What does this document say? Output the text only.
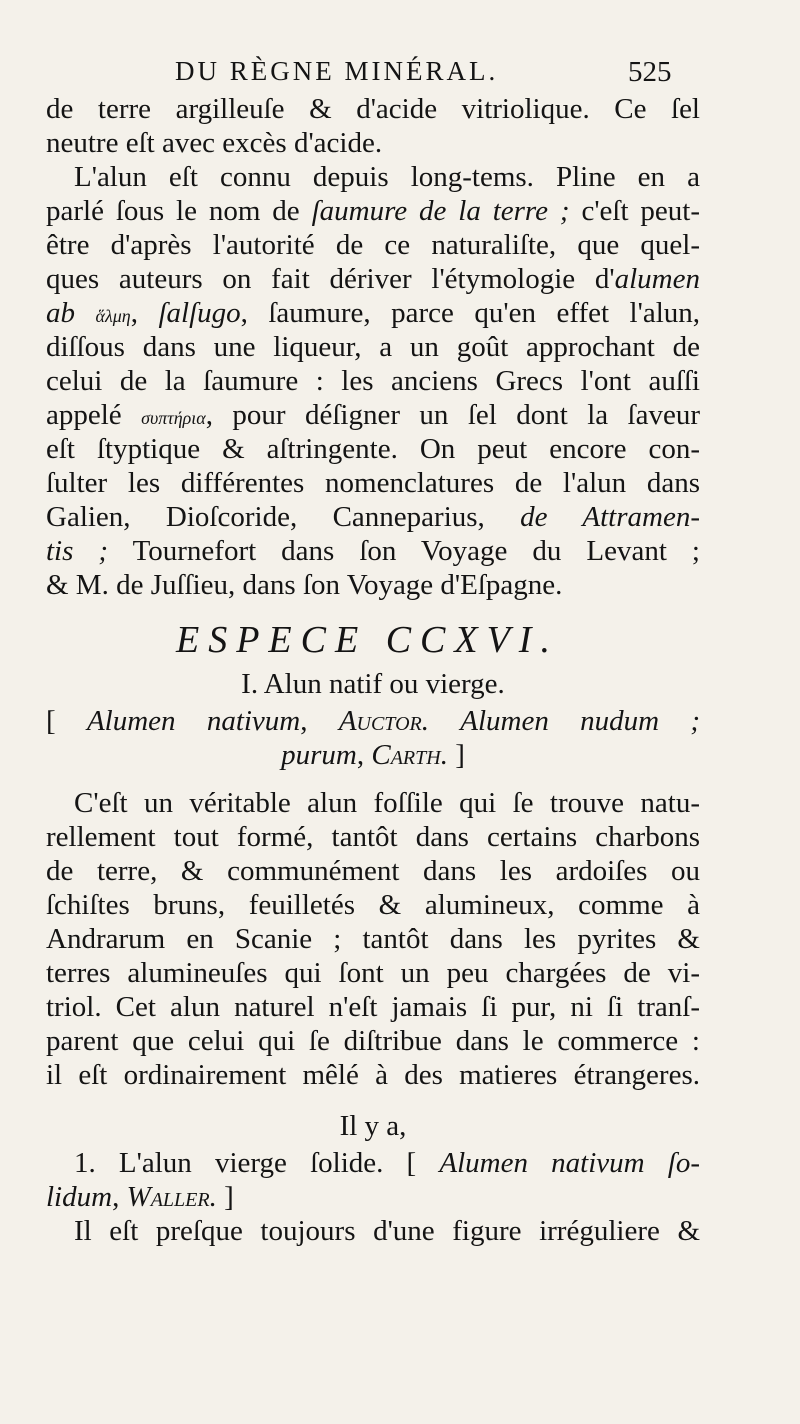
DU RÈGNE MINÉRAL.	525
de terre argilleuſe & d'acide vitriolique. Ce ſel
neutre eſt avec excès d'acide.
L'alun eſt connu depuis long-tems. Pline en a
parlé ſous le nom de ſaumure de la terre ; c'eſt peut-
être d'après l'autorité de ce naturaliſte, que quel-
ques auteurs on fait dériver l'étymologie d'alumen
ab ἅλμη, ſalſugo, ſaumure, parce qu'en effet l'alun,
diſſous dans une liqueur, a un goût approchant de
celui de la ſaumure : les anciens Grecs l'ont auſſi
appelé συπτήρια, pour déſigner un ſel dont la ſaveur
eſt ſtyptique & aſtringente. On peut encore con-
ſulter les différentes nomenclatures de l'alun dans
Galien, Dioſcoride, Canneparius, de Attramen-
tis ; Tournefort dans ſon Voyage du Levant ;
& M. de Juſſieu, dans ſon Voyage d'Eſpagne.
ESPECE CCXVI.
I. Alun natif ou vierge.
[ Alumen nativum, Auctor. Alumen nudum ;
purum, Carth. ]
C'eſt un véritable alun foſſile qui ſe trouve natu-
rellement tout formé, tantôt dans certains charbons
de terre, & communément dans les ardoiſes ou
ſchiſtes bruns, feuilletés & alumineux, comme à
Andrarum en Scanie ; tantôt dans les pyrites &
terres alumineuſes qui ſont un peu chargées de vi-
triol. Cet alun naturel n'eſt jamais ſi pur, ni ſi tranſ-
parent que celui qui ſe diſtribue dans le commerce :
il eſt ordinairement mêlé à des matieres étrangeres.
Il y a,
1. L'alun vierge ſolide. [ Alumen nativum ſo-
lidum, Waller. ]
Il eſt preſque toujours d'une figure irréguliere &
